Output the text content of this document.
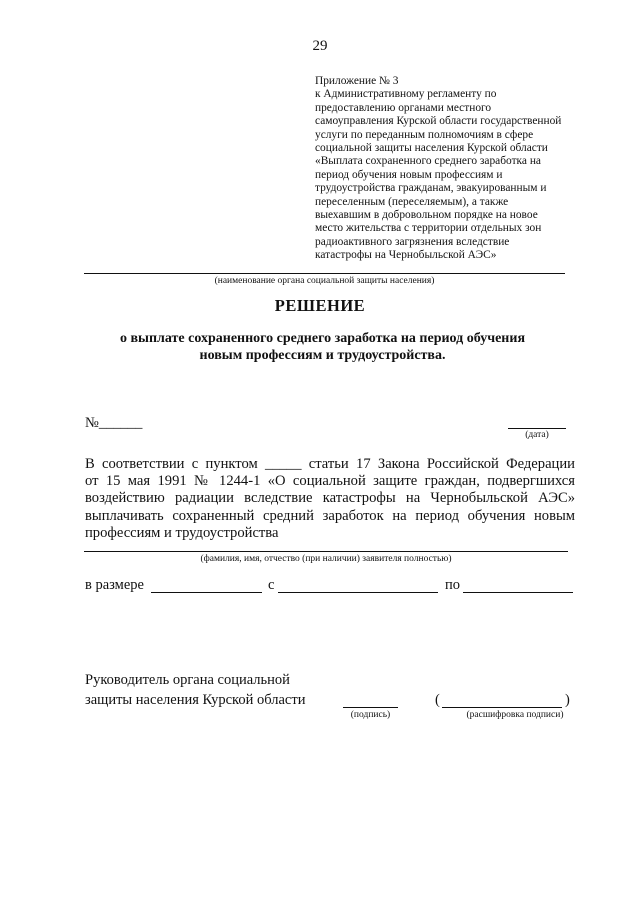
29
Приложение № 3
к Административному регламенту по
предоставлению органами местного
самоуправления Курской области государственной
услуги по переданным полномочиям в сфере
социальной защиты населения Курской области
«Выплата сохраненного среднего заработка на
период обучения новым профессиям и
трудоустройства гражданам, эвакуированным и
переселенным (переселяемым), а также
выехавшим в добровольном порядке на новое
место жительства с территории отдельных зон
радиоактивного загрязнения вследствие
катастрофы на Чернобыльской АЭС»
(наименование органа социальной защиты населения)
РЕШЕНИЕ
о выплате сохраненного среднего заработка на период обучения
новым профессиям и трудоустройства.
№______
(дата)
В соответствии с пунктом _____ статьи 17 Закона Российской Федерации
от 15 мая 1991 № 1244-1 «О социальной защите граждан, подвергшихся
воздействию радиации вследствие катастрофы на Чернобыльской АЭС»
выплачивать сохраненный средний заработок на период обучения новым
профессиям и трудоустройства
(фамилия, имя, отчество (при наличии) заявителя полностью)
в размере	с	по
Руководитель органа социальной
защиты населения Курской области
(подпись)
(	)
(расшифровка подписи)
